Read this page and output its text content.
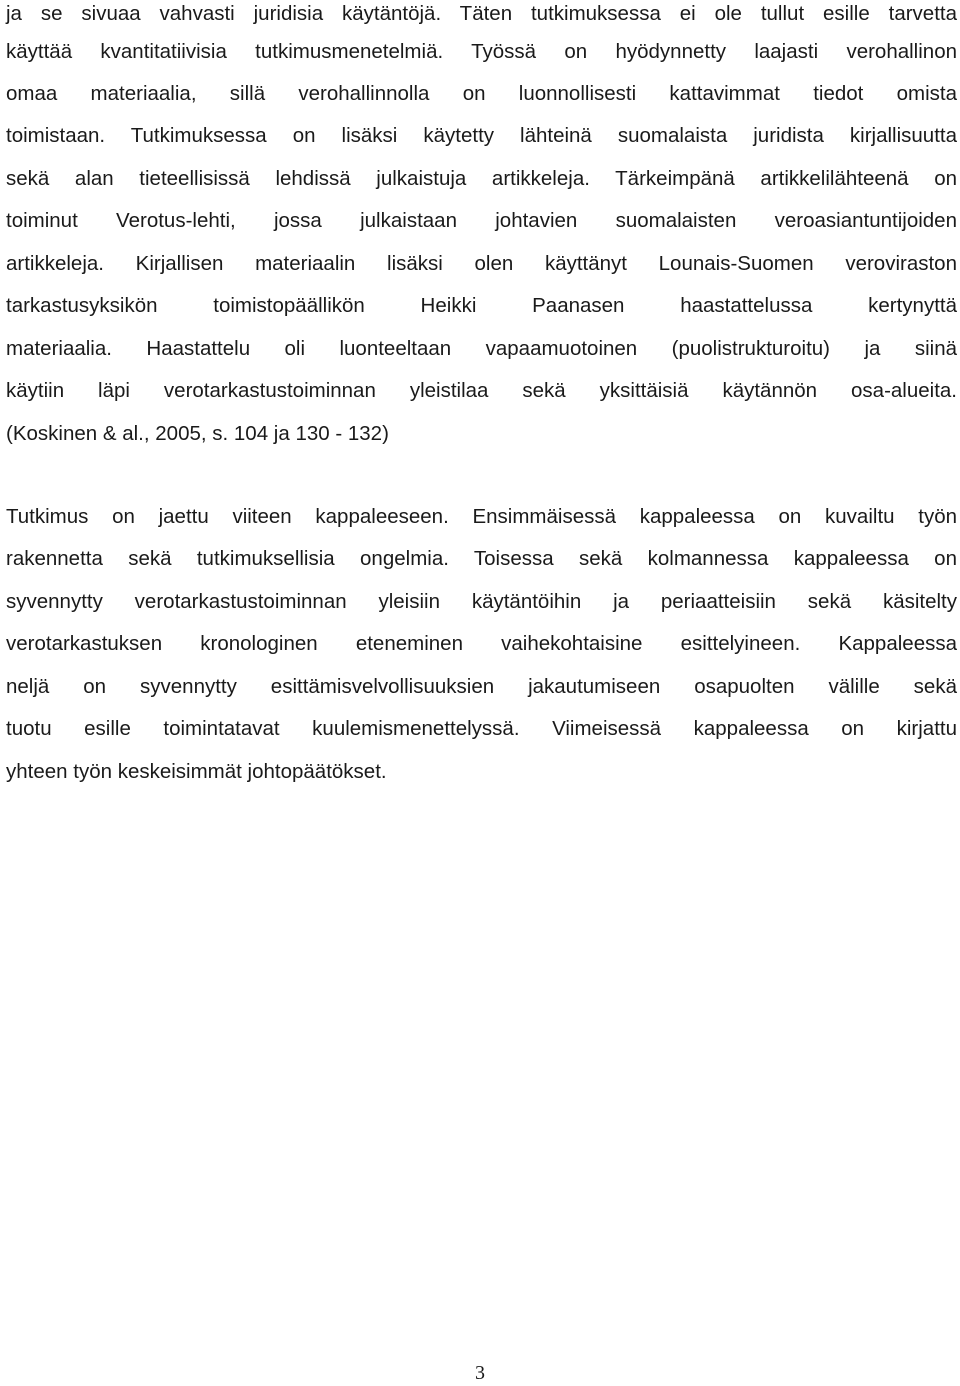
ja se sivuaa vahvasti juridisia käytäntöjä. Täten tutkimuksessa ei ole tullut esille tarvetta
käyttää kvantitatiivisia tutkimusmenetelmiä. Työssä on hyödynnetty laajasti verohallinon
omaa materiaalia, sillä verohallinnolla on luonnollisesti kattavimmat tiedot omista
toimistaan. Tutkimuksessa on lisäksi käytetty lähteinä suomalaista juridista kirjallisuutta
sekä alan tieteellisissä lehdissä julkaistuja artikkeleja. Tärkeimpänä artikkelilähteenä on
toiminut Verotus-lehti, jossa julkaistaan johtavien suomalaisten veroasiantuntijoiden
artikkeleja. Kirjallisen materiaalin lisäksi olen käyttänyt Lounais-Suomen veroviraston
tarkastusyksikön toimistopäällikön Heikki Paanasen haastattelussa kertynyttä
materiaalia. Haastattelu oli luonteeltaan vapaamuotoinen (puolistrukturoitu) ja siinä
käytiin läpi verotarkastustoiminnan yleistilaa sekä yksittäisiä käytännön osa-alueita.
(Koskinen & al., 2005, s. 104 ja 130 - 132)
Tutkimus on jaettu viiteen kappaleeseen. Ensimmäisessä kappaleessa on kuvailtu työn
rakennetta sekä tutkimuksellisia ongelmia. Toisessa sekä kolmannessa kappaleessa on
syvennytty verotarkastustoiminnan yleisiin käytäntöihin ja periaatteisiin sekä käsitelty
verotarkastuksen kronologinen eteneminen vaihekohtaisine esittelyineen. Kappaleessa
neljä on syvennytty esittämisvelvollisuuksien jakautumiseen osapuolten välille sekä
tuotu esille toimintatavat kuulemismenettelyssä. Viimeisessä kappaleessa on kirjattu
yhteen työn keskeisimmät johtopäätökset.
3
